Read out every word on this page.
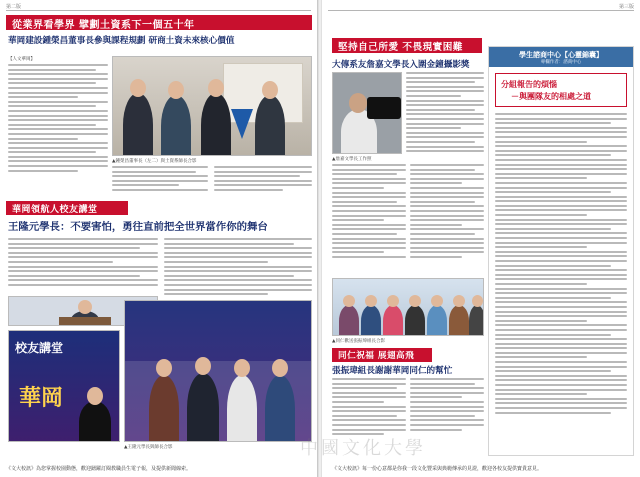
第二版
從業界看學界 擘劃土資系下一個五十年
華岡建設鍾榮昌董事長參與課程規劃 研商土資未來核心價值
【人文華岡】
▲鍾榮昌董事長（左二）與土資系師長合影
華岡領航人校友講堂
王隆元學長：不要害怕，勇往直前把全世界當作你的舞台
校友講堂
華岡
▲王隆元學長與師長合影
《文大校訊》為您掌握校園動態，歡迎踴躍訂閱教職員生電子報，及提供新聞線索。
第三版
堅持自己所愛 不畏現實困難
大傳系友詹嘉文學長入圍金鐘攝影獎
▲詹嘉文學長工作照
▲同仁歡送張振瑋組長合影
同仁祝福 展翅高飛
張振瑋組長謝謝華岡同仁的幫忙
《文大校訊》每一份心意都是你我一段文化豐采與典範傳承的見證，歡迎各校友提供寶貴意見。
學生諮商中心【心靈錦囊】
專欄作者：諮商中心
分組報告的煩惱
－與團隊友的相處之道
中國文化大學
